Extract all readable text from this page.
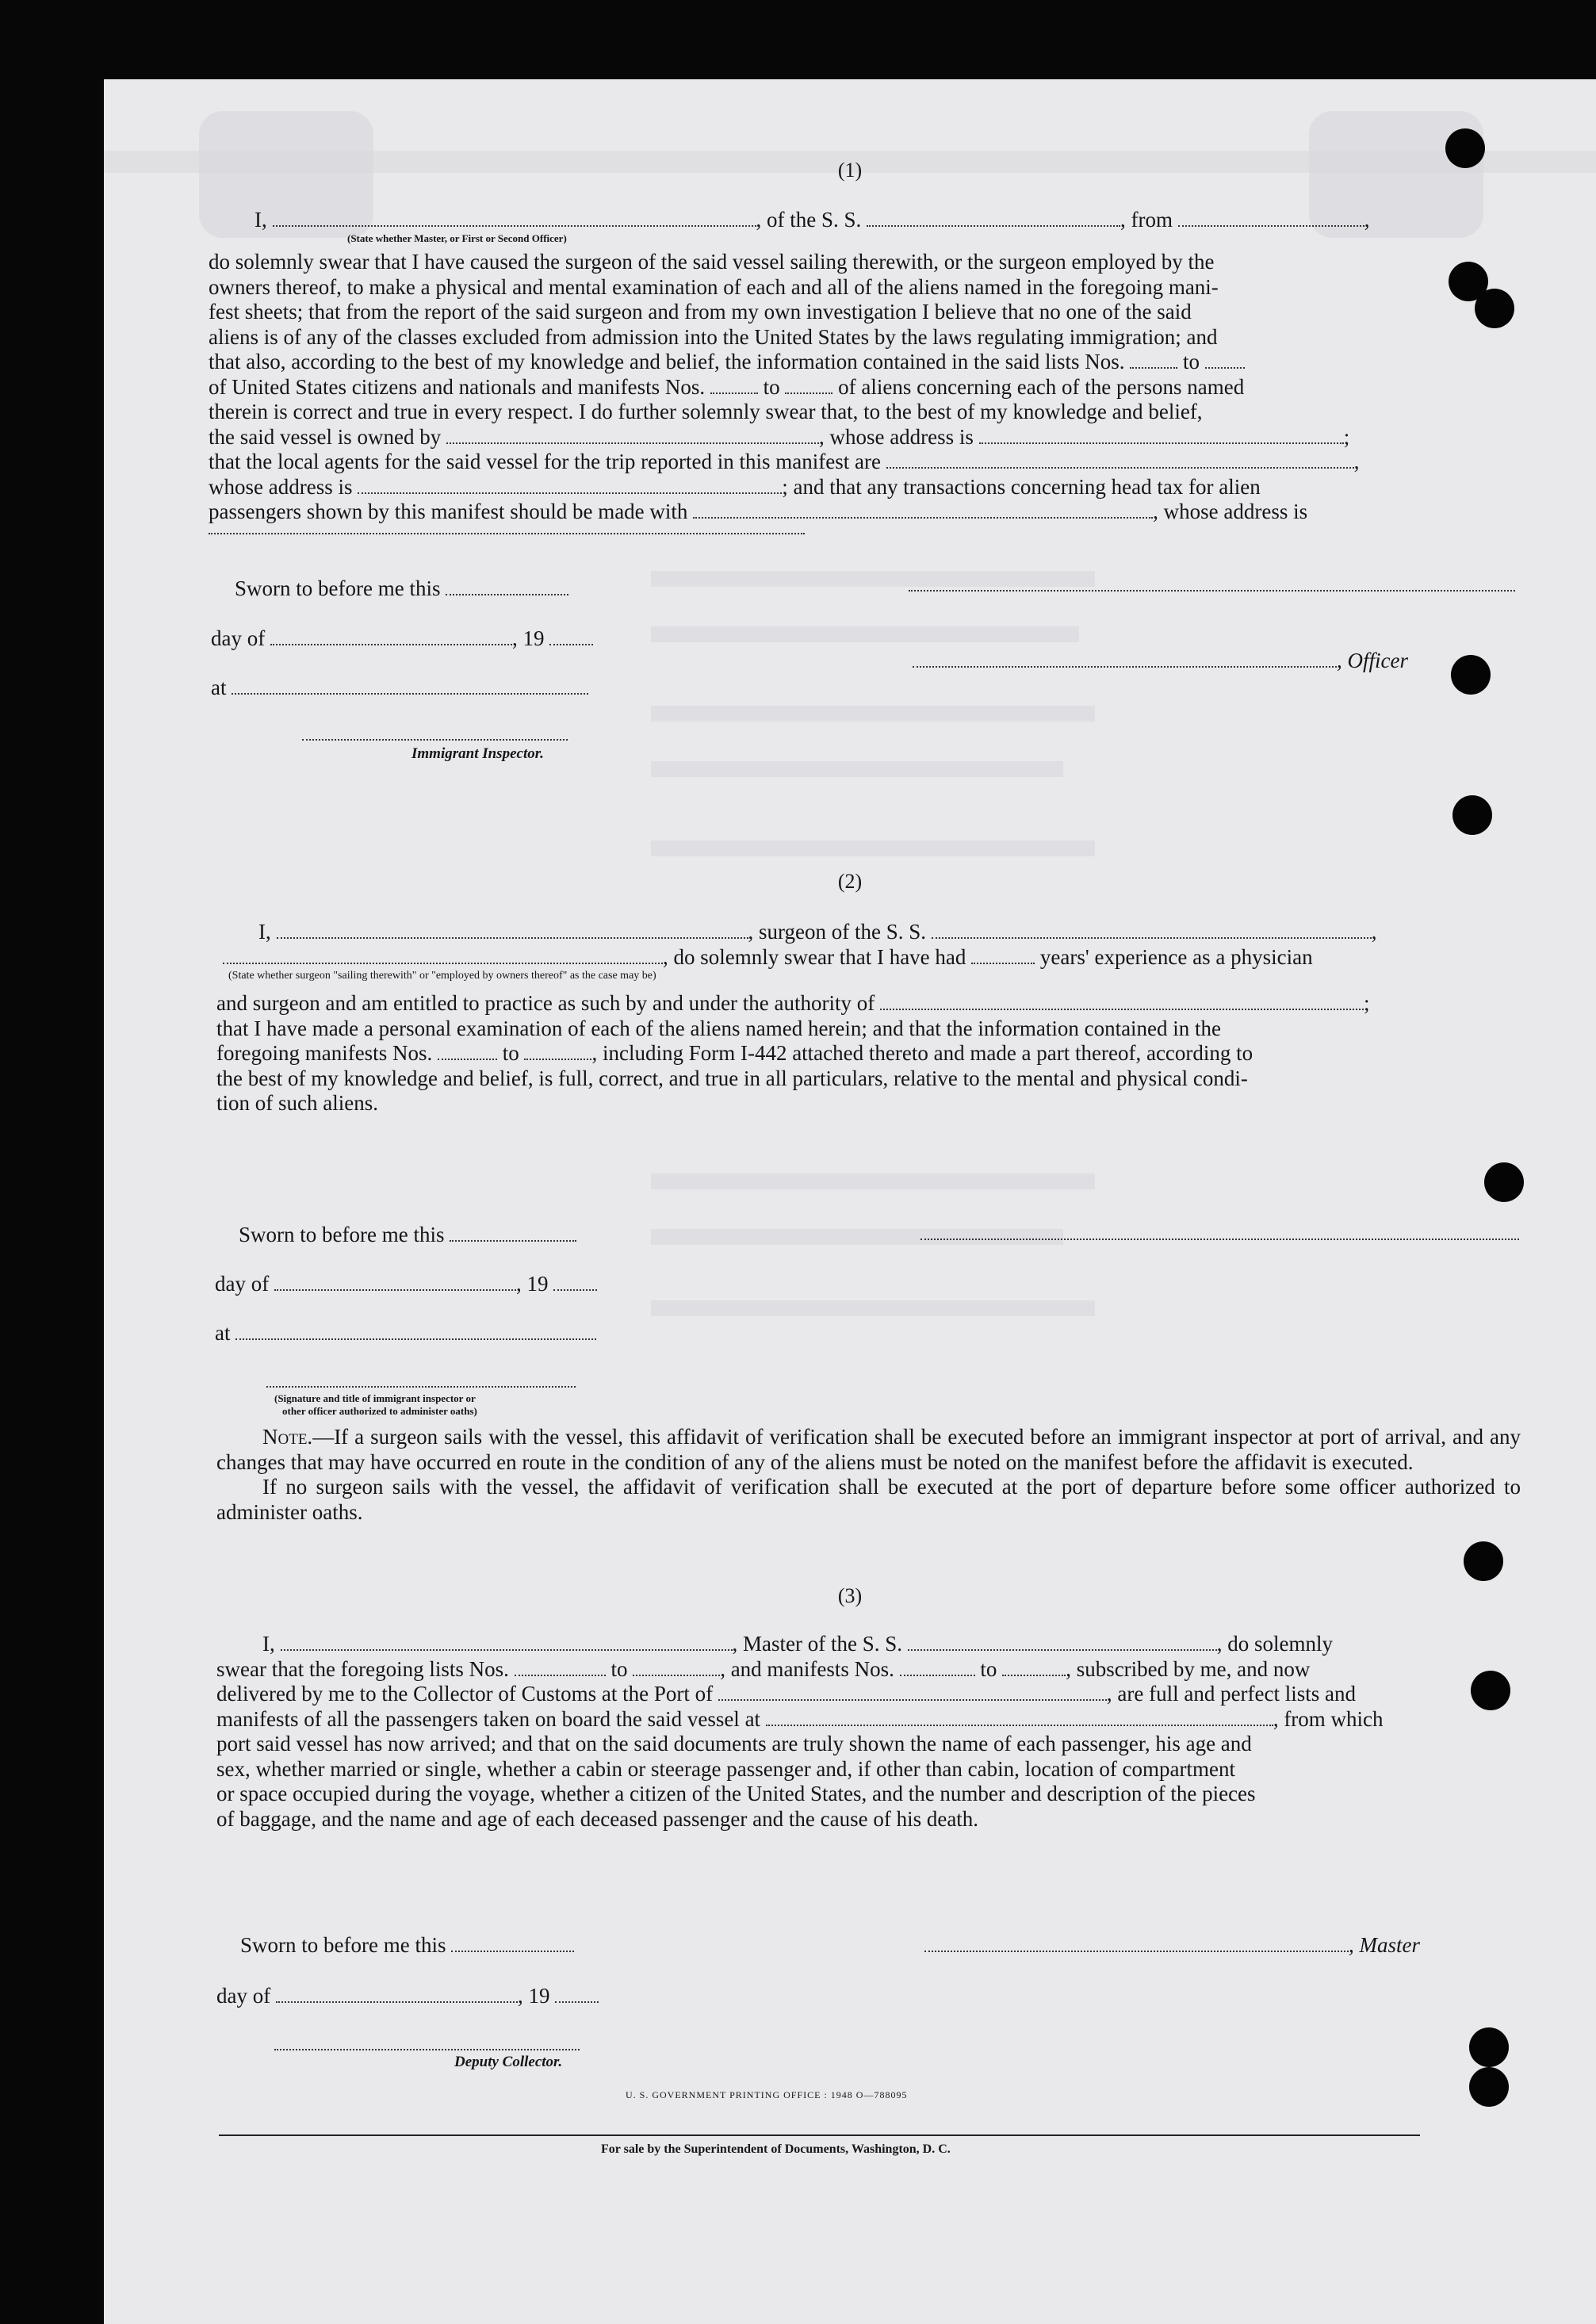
(1)
I,	, of the S. S.	, from	,
(State whether Master, or First or Second Officer)

do solemnly swear that I have caused the surgeon of the said vessel sailing therewith, or the surgeon employed by the

owners thereof, to make a physical and mental examination of each and all of the aliens named in the foregoing mani-

fest sheets; that from the report of the said surgeon and from my own investigation I believe that no one of the said

aliens is of any of the classes excluded from admission into the United States by the laws regulating immigration; and

that also, according to the best of my knowledge and belief, the information contained in the said lists Nos.	to

of United States citizens and nationals and manifests Nos.	to	of aliens concerning each of the persons named

therein is correct and true in every respect. I do further solemnly swear that, to the best of my knowledge and belief,

the said vessel is owned by	, whose address is	;

that the local agents for the said vessel for the trip reported in this manifest are	,

whose address is	; and that any transactions concerning head tax for alien

passengers shown by this manifest should be made with	, whose address is

Sworn to before me this
day of	, 19
, Officer
at
Immigrant Inspector.
(2)
I,	, surgeon of the S. S.	,
, do solemnly swear that I have had	years' experience as a physician
(State whether surgeon "sailing therewith" or "employed by owners thereof" as the case may be)

and surgeon and am entitled to practice as such by and under the authority of	;

that I have made a personal examination of each of the aliens named herein; and that the information contained in the

foregoing manifests Nos.	to	, including Form I-442 attached thereto and made a part thereof, according to

the best of my knowledge and belief, is full, correct, and true in all particulars, relative to the mental and physical condi-

tion of such aliens.

Sworn to before me this
day of	, 19
at
(Signature and title of immigrant inspector or
other officer authorized to administer oaths)

Note.—If a surgeon sails with the vessel, this affidavit of verification shall be executed before an immigrant inspector at port of arrival, and any changes that may have occurred en route in the condition of any of the aliens must be noted on the manifest before the affidavit is executed.

If no surgeon sails with the vessel, the affidavit of verification shall be executed at the port of departure before some officer authorized to administer oaths.

(3)

I,	, Master of the S. S.	, do solemnly

swear that the foregoing lists Nos.	to	, and manifests Nos.	to	, subscribed by me, and now

delivered by me to the Collector of Customs at the Port of	, are full and perfect lists and

manifests of all the passengers taken on board the said vessel at	, from which

port said vessel has now arrived; and that on the said documents are truly shown the name of each passenger, his age and

sex, whether married or single, whether a cabin or steerage passenger and, if other than cabin, location of compartment

or space occupied during the voyage, whether a citizen of the United States, and the number and description of the pieces

of baggage, and the name and age of each deceased passenger and the cause of his death.

Sworn to before me this	, Master
day of	, 19
Deputy Collector.
U. S. GOVERNMENT PRINTING OFFICE : 1948 O—788095
For sale by the Superintendent of Documents, Washington, D. C.
